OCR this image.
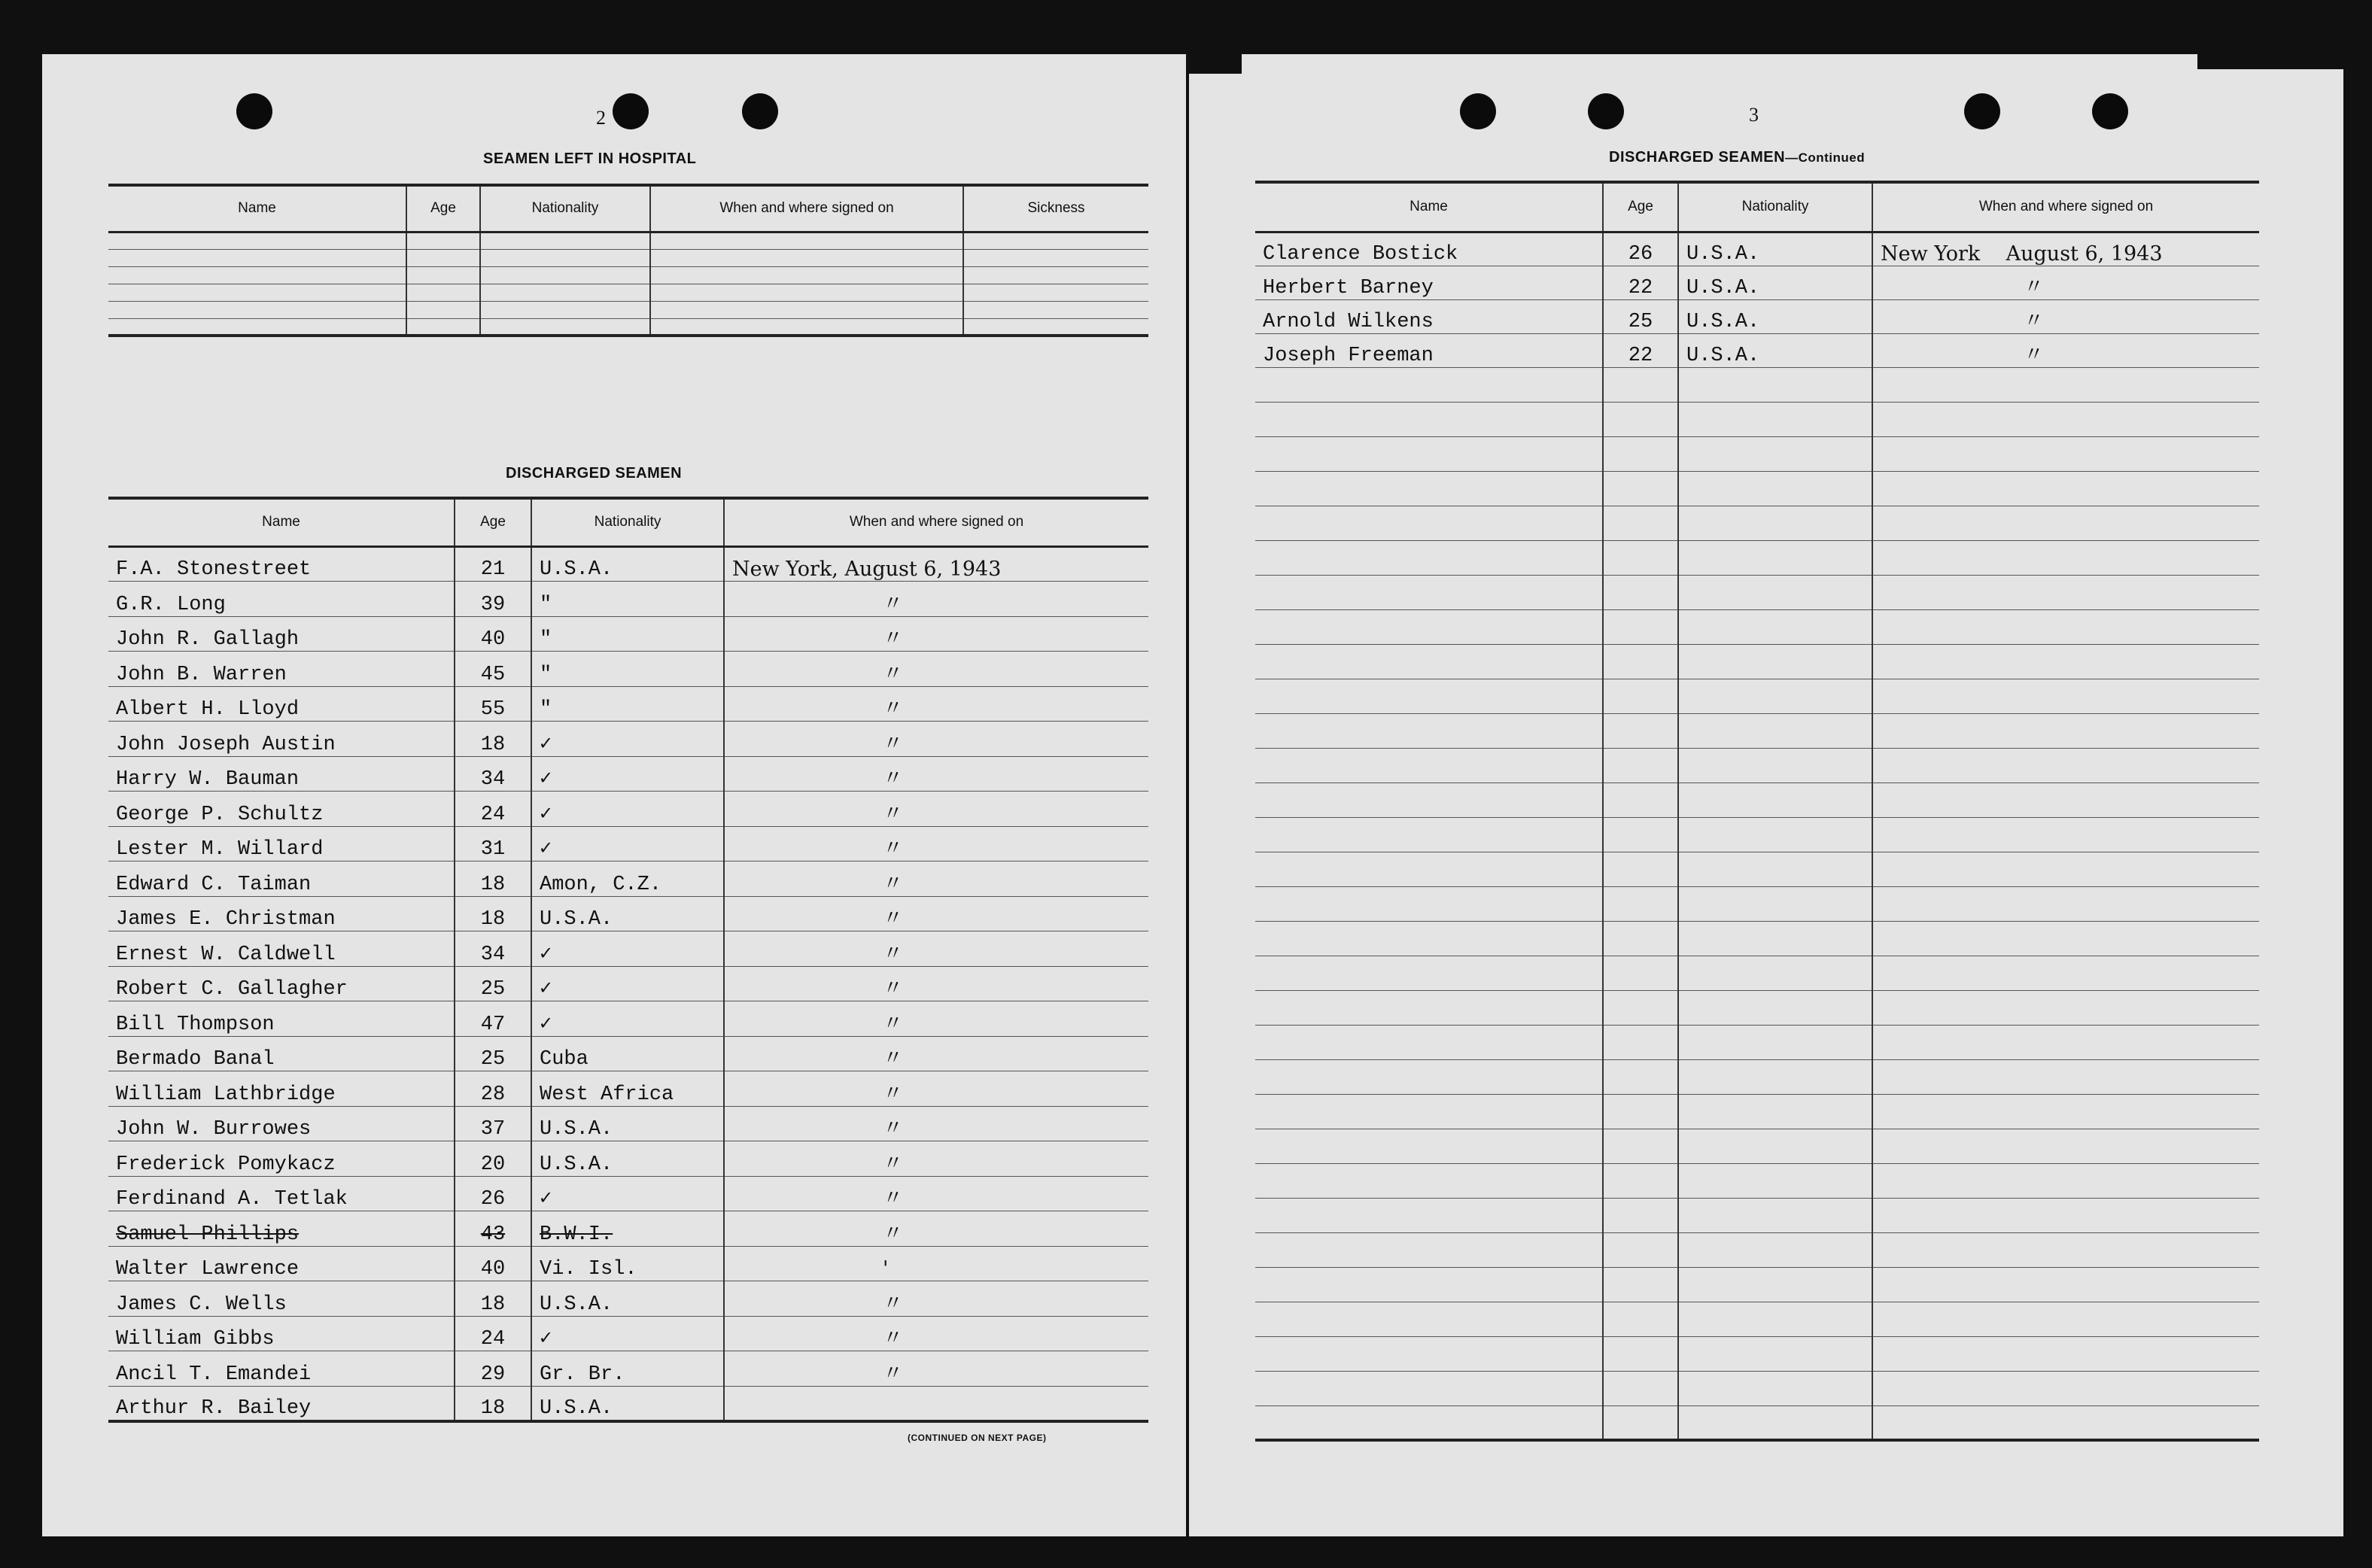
2
SEAMEN LEFT IN HOSPITAL
Name	Age	Nationality	When and where signed on	Sickness

DISCHARGED SEAMEN
Name	Age	Nationality	When and where signed on
F.A. Stonestreet	21	U.S.A.	New York, August 6, 1943
G.R. Long	39	"	〃
John R. Gallagh	40	"	〃
John B. Warren	45	"	〃
Albert H. Lloyd	55	"	〃
John Joseph Austin	18	✓	〃
Harry W. Bauman	34	✓	〃
George P. Schultz	24	✓	〃
Lester M. Willard	31	✓	〃
Edward C. Taiman	18	Amon, C.Z.	〃
James E. Christman	18	U.S.A.	〃
Ernest W. Caldwell	34	✓	〃
Robert C. Gallagher	25	✓	〃
Bill Thompson	47	✓	〃
Bermado Banal	25	Cuba	〃
William Lathbridge	28	West Africa	〃
John W. Burrowes	37	U.S.A.	〃
Frederick Pomykacz	20	U.S.A.	〃
Ferdinand A. Tetlak	26	✓	〃
Samuel Phillips	43	B.W.I.	〃
Walter Lawrence	40	Vi. Isl.	'
James C. Wells	18	U.S.A.	〃
William Gibbs	24	✓	〃
Ancil T. Emandei	29	Gr. Br.	〃
Arthur R. Bailey	18	U.S.A.	
(CONTINUED ON NEXT PAGE)
3
DISCHARGED SEAMEN—Continued
Name	Age	Nationality	When and where signed on
Clarence Bostick	26	U.S.A.	New York    August 6, 1943
Herbert Barney	22	U.S.A.	〃
Arnold Wilkens	25	U.S.A.	〃
Joseph Freeman	22	U.S.A.	〃
